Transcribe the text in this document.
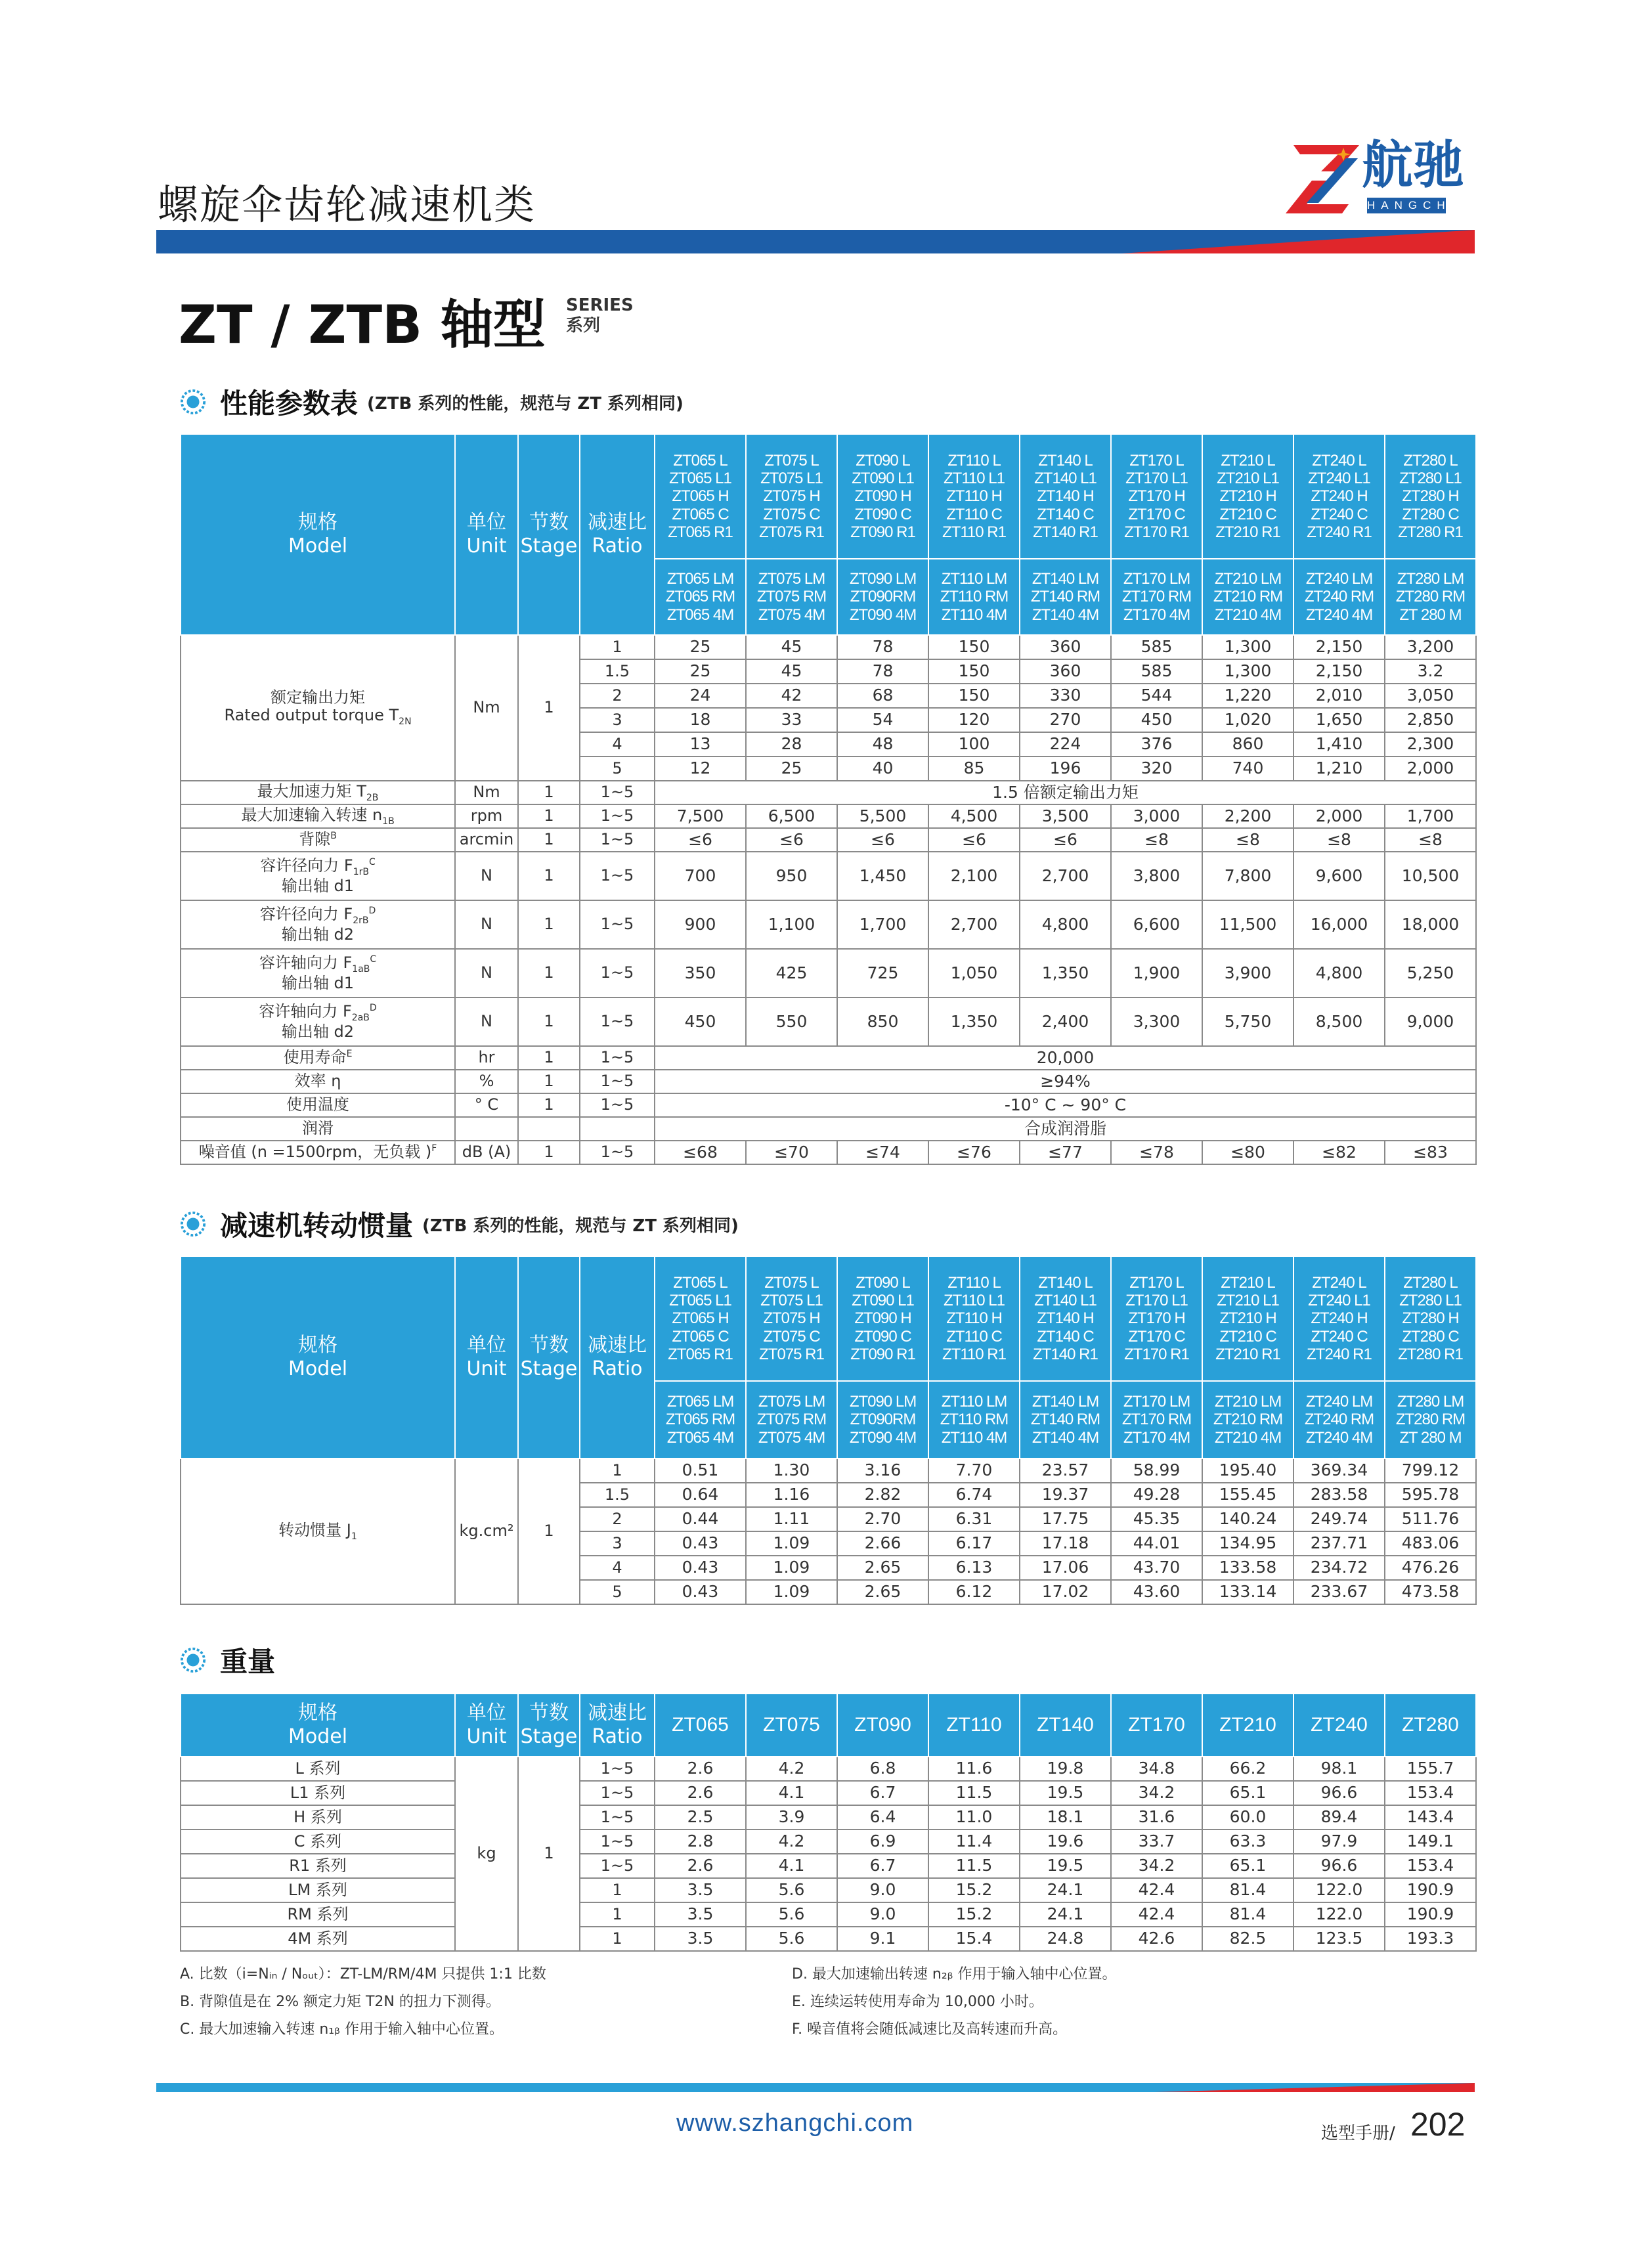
螺旋伞齿轮减速机类
航驰
HANGCHI
ZT / ZTB 轴型 SERIES
系列
性能参数表 (ZTB 系列的性能，规范与 ZT 系列相同)
规格
Model	单位
Unit	节数
Stage	减速比
Ratio	ZT065 L
ZT065 L1
ZT065 H
ZT065 C
ZT065 R1	ZT075 L
ZT075 L1
ZT075 H
ZT075 C
ZT075 R1	ZT090 L
ZT090 L1
ZT090 H
ZT090 C
ZT090 R1	ZT110 L
ZT110 L1
ZT110 H
ZT110 C
ZT110 R1	ZT140 L
ZT140 L1
ZT140 H
ZT140 C
ZT140 R1	ZT170 L
ZT170 L1
ZT170 H
ZT170 C
ZT170 R1	ZT210 L
ZT210 L1
ZT210 H
ZT210 C
ZT210 R1	ZT240 L
ZT240 L1
ZT240 H
ZT240 C
ZT240 R1	ZT280 L
ZT280 L1
ZT280 H
ZT280 C
ZT280 R1

				ZT065 LM
ZT065 RM
ZT065 4M	ZT075 LM
ZT075 RM
ZT075 4M	ZT090 LM
ZT090RM
ZT090 4M	ZT110 LM
ZT110 RM
ZT110 4M	ZT140 LM
ZT140 RM
ZT140 4M	ZT170 LM
ZT170 RM
ZT170 4M	ZT210 LM
ZT210 RM
ZT210 4M	ZT240 LM
ZT240 RM
ZT240 4M	ZT280 LM
ZT280 RM
ZT 280 M

额定输出力矩
Rated output torque $T_{2N}$	Nm	1	1	25	45	78	150	360	585	1,300	2,150	3,200
			1.5	25	45	78	150	360	585	1,300	2,150	3.2
			2	24	42	68	150	330	544	1,220	2,010	3,050
			3	18	33	54	120	270	450	1,020	1,650	2,850
			4	13	28	48	100	224	376	860	1,410	2,300
			5	12	25	40	85	196	320	740	1,210	2,000

最大加速力矩 $T_{2B}$	Nm	1	1~5	1.5 倍额定输出力矩								

最大加速输入转速 $n_{1B}$	rpm	1	1~5	7,500	6,500	5,500	4,500	3,500	3,000	2,200	2,000	1,700

背隙$^B$	arcmin	1	1~5	≤6	≤6	≤6	≤6	≤6	≤8	≤8	≤8	≤8

容许径向力 $F_{1rB}^C$
输出轴 d1	N	1	1~5	700	950	1,450	2,100	2,700	3,800	7,800	9,600	10,500

容许径向力 $F_{2rB}^D$
输出轴 d2	N	1	1~5	900	1,100	1,700	2,700	4,800	6,600	11,500	16,000	18,000

容许轴向力 $F_{1aB}^C$
输出轴 d1	N	1	1~5	350	425	725	1,050	1,350	1,900	3,900	4,800	5,250

容许轴向力 $F_{2aB}^D$
输出轴 d2	N	1	1~5	450	550	850	1,350	2,400	3,300	5,750	8,500	9,000

使用寿命$^E$	hr	1	1~5	20,000								

效率 η	%	1	1~5	≥94%								

使用温度	° C	1	1~5	-10° C ~ 90° C								

润滑				合成润滑脂								

噪音值 (n =1500rpm，无负载 )$^F$	dB (A)	1	1~5	≤68	≤70	≤74	≤76	≤77	≤78	≤80	≤82	≤83
减速机转动惯量 (ZTB 系列的性能，规范与 ZT 系列相同)
规格
Model	单位
Unit	节数
Stage	减速比
Ratio	ZT065 L
ZT065 L1
ZT065 H
ZT065 C
ZT065 R1	ZT075 L
ZT075 L1
ZT075 H
ZT075 C
ZT075 R1	ZT090 L
ZT090 L1
ZT090 H
ZT090 C
ZT090 R1	ZT110 L
ZT110 L1
ZT110 H
ZT110 C
ZT110 R1	ZT140 L
ZT140 L1
ZT140 H
ZT140 C
ZT140 R1	ZT170 L
ZT170 L1
ZT170 H
ZT170 C
ZT170 R1	ZT210 L
ZT210 L1
ZT210 H
ZT210 C
ZT210 R1	ZT240 L
ZT240 L1
ZT240 H
ZT240 C
ZT240 R1	ZT280 L
ZT280 L1
ZT280 H
ZT280 C
ZT280 R1

				ZT065 LM
ZT065 RM
ZT065 4M	ZT075 LM
ZT075 RM
ZT075 4M	ZT090 LM
ZT090RM
ZT090 4M	ZT110 LM
ZT110 RM
ZT110 4M	ZT140 LM
ZT140 RM
ZT140 4M	ZT170 LM
ZT170 RM
ZT170 4M	ZT210 LM
ZT210 RM
ZT210 4M	ZT240 LM
ZT240 RM
ZT240 4M	ZT280 LM
ZT280 RM
ZT 280 M

转动惯量 $J_1$	kg.cm²	1	1	0.51	1.30	3.16	7.70	23.57	58.99	195.40	369.34	799.12
			1.5	0.64	1.16	2.82	6.74	19.37	49.28	155.45	283.58	595.78
			2	0.44	1.11	2.70	6.31	17.75	45.35	140.24	249.74	511.76
			3	0.43	1.09	2.66	6.17	17.18	44.01	134.95	237.71	483.06
			4	0.43	1.09	2.65	6.13	17.06	43.70	133.58	234.72	476.26
			5	0.43	1.09	2.65	6.12	17.02	43.60	133.14	233.67	473.58
重量
规格
Model	单位
Unit	节数
Stage	减速比
Ratio	ZT065	ZT075	ZT090	ZT110	ZT140	ZT170	ZT210	ZT240	ZT280
L 系列	kg	1	1~5	2.6	4.2	6.8	11.6	19.8	34.8	66.2	98.1	155.7
L1 系列			1~5	2.6	4.1	6.7	11.5	19.5	34.2	65.1	96.6	153.4
H 系列			1~5	2.5	3.9	6.4	11.0	18.1	31.6	60.0	89.4	143.4
C 系列			1~5	2.8	4.2	6.9	11.4	19.6	33.7	63.3	97.9	149.1
R1 系列			1~5	2.6	4.1	6.7	11.5	19.5	34.2	65.1	96.6	153.4
LM 系列			1	3.5	5.6	9.0	15.2	24.1	42.4	81.4	122.0	190.9
RM 系列			1	3.5	5.6	9.0	15.2	24.1	42.4	81.4	122.0	190.9
4M 系列			1	3.5	5.6	9.1	15.4	24.8	42.6	82.5	123.5	193.3
A. 比数（i=Nᵢₙ / Nₒᵤₜ）：ZT-LM/RM/4M 只提供 1:1 比数
B. 背隙值是在 2% 额定力矩 T2N 的扭力下测得。
C. 最大加速输入转速 n₁ᵦ 作用于输入轴中心位置。
D. 最大加速输出转速 n₂ᵦ 作用于输入轴中心位置。
E. 连续运转使用寿命为 10,000 小时。
F. 噪音值将会随低减速比及高转速而升高。
www.szhangchi.com	选型手册/ 202
